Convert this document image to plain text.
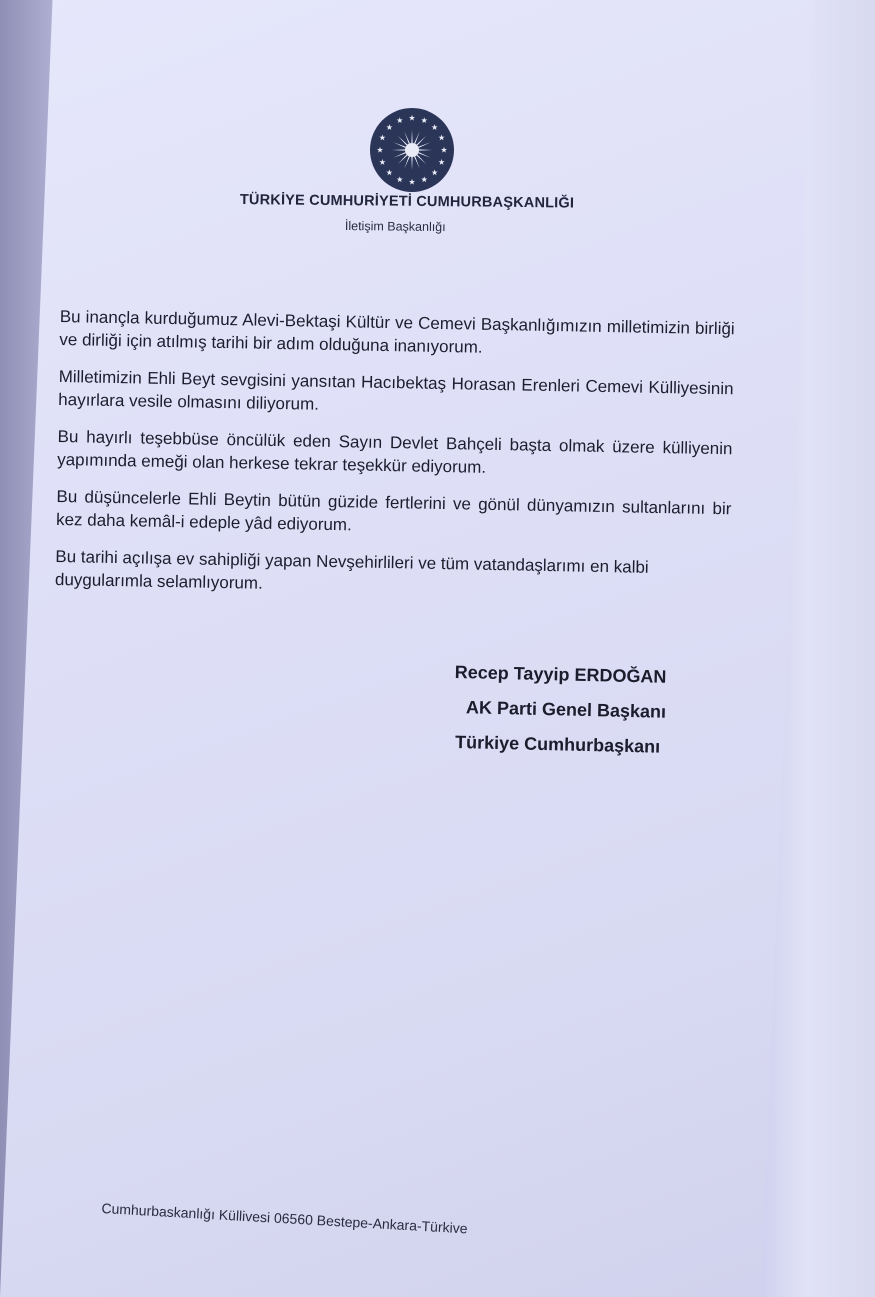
TÜRKİYE CUMHURİYETİ CUMHURBAŞKANLIĞI
İletişim Başkanlığı

Bu inançla kurduğumuz Alevi-Bektaşi Kültür ve Cemevi Başkanlığımızın milletimizin birliği ve dirliği için atılmış tarihi bir adım olduğuna inanıyorum.

Milletimizin Ehli Beyt sevgisini yansıtan Hacıbektaş Horasan Erenleri Cemevi Külliyesinin hayırlara vesile olmasını diliyorum.

Bu hayırlı teşebbüse öncülük eden Sayın Devlet Bahçeli başta olmak üzere külliyenin yapımında emeği olan herkese tekrar teşekkür ediyorum.

Bu düşüncelerle Ehli Beytin bütün güzide fertlerini ve gönül dünyamızın sultanlarını bir kez daha kemâl-i edeple yâd ediyorum.

Bu tarihi açılışa ev sahipliği yapan Nevşehirlileri ve tüm vatandaşlarımı en kalbi duygularımla selamlıyorum.

Recep Tayyip ERDOĞAN
AK Parti Genel Başkanı
Türkiye Cumhurbaşkanı
Cumhurbaskanlığı Küllivesi 06560 Bestepe-Ankara-Türkive
